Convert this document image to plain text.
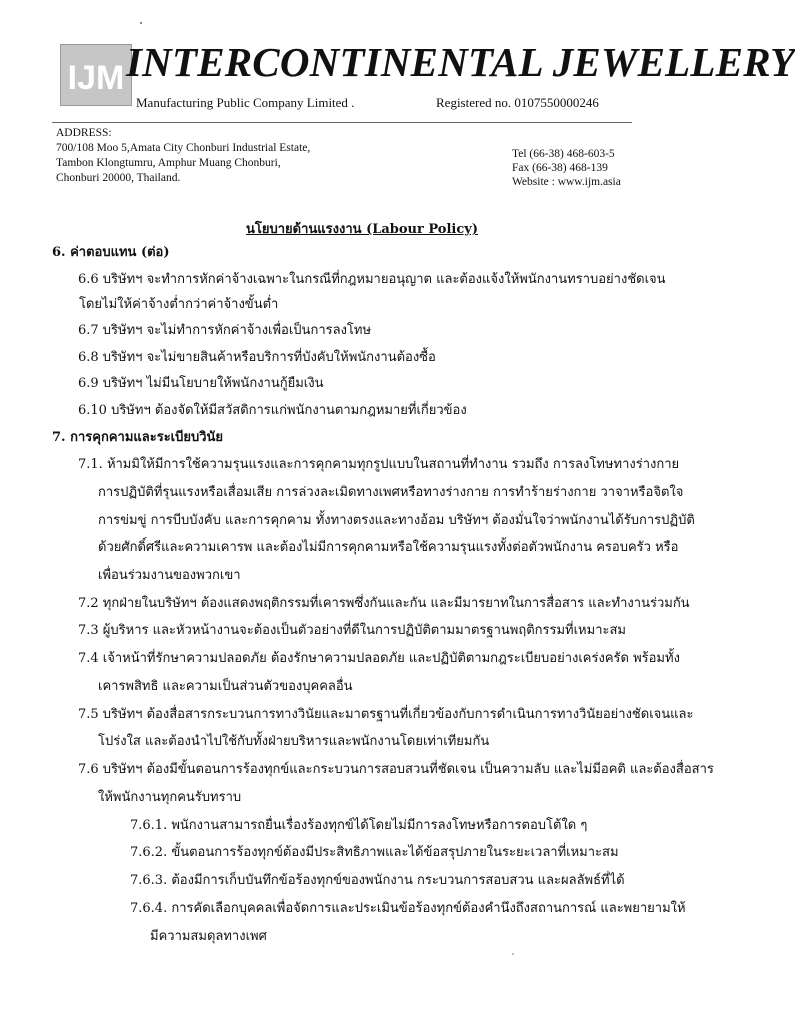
IJM INTERCONTINENTAL JEWELLERY
Manufacturing Public Company Limited .	Registered no. 0107550000246
ADDRESS:
700/108 Moo 5,Amata City Chonburi Industrial Estate,
Tambon Klongtumru, Amphur Muang Chonburi,
Chonburi 20000, Thailand.
Tel (66-38) 468-603-5
Fax (66-38) 468-139
Website : www.ijm.asia
นโยบายด้านแรงงาน (Labour Policy)
6. ค่าตอบแทน (ต่อ)
6.6 บริษัทฯ จะทำการหักค่าจ้างเฉพาะในกรณีที่กฎหมายอนุญาต และต้องแจ้งให้พนักงานทราบอย่างชัดเจน
โดยไม่ให้ค่าจ้างต่ำกว่าค่าจ้างขั้นต่ำ
6.7 บริษัทฯ จะไม่ทำการหักค่าจ้างเพื่อเป็นการลงโทษ
6.8 บริษัทฯ จะไม่ขายสินค้าหรือบริการที่บังคับให้พนักงานต้องซื้อ
6.9 บริษัทฯ ไม่มีนโยบายให้พนักงานกู้ยืมเงิน
6.10 บริษัทฯ ต้องจัดให้มีสวัสดิการแก่พนักงานตามกฎหมายที่เกี่ยวข้อง
7. การคุกคามและระเบียบวินัย
7.1. ห้ามมิให้มีการใช้ความรุนแรงและการคุกคามทุกรูปแบบในสถานที่ทำงาน รวมถึง การลงโทษทางร่างกาย
การปฏิบัติที่รุนแรงหรือเสื่อมเสีย การล่วงละเมิดทางเพศหรือทางร่างกาย การทำร้ายร่างกาย วาจาหรือจิตใจ
การข่มขู่ การบีบบังคับ และการคุกคาม ทั้งทางตรงและทางอ้อม บริษัทฯ ต้องมั่นใจว่าพนักงานได้รับการปฏิบัติ
ด้วยศักดิ์ศรีและความเคารพ และต้องไม่มีการคุกคามหรือใช้ความรุนแรงทั้งต่อตัวพนักงาน ครอบครัว หรือ
เพื่อนร่วมงานของพวกเขา
7.2 ทุกฝ่ายในบริษัทฯ ต้องแสดงพฤติกรรมที่เคารพซึ่งกันและกัน และมีมารยาทในการสื่อสาร และทำงานร่วมกัน
7.3 ผู้บริหาร และหัวหน้างานจะต้องเป็นตัวอย่างที่ดีในการปฏิบัติตามมาตรฐานพฤติกรรมที่เหมาะสม
7.4 เจ้าหน้าที่รักษาความปลอดภัย ต้องรักษาความปลอดภัย และปฏิบัติตามกฎระเบียบอย่างเคร่งครัด พร้อมทั้ง
เคารพสิทธิ และความเป็นส่วนตัวของบุคคลอื่น
7.5 บริษัทฯ ต้องสื่อสารกระบวนการทางวินัยและมาตรฐานที่เกี่ยวข้องกับการดำเนินการทางวินัยอย่างชัดเจนและ
โปร่งใส และต้องนำไปใช้กับทั้งฝ่ายบริหารและพนักงานโดยเท่าเทียมกัน
7.6 บริษัทฯ ต้องมีขั้นตอนการร้องทุกข์และกระบวนการสอบสวนที่ชัดเจน เป็นความลับ และไม่มีอคติ และต้องสื่อสาร
ให้พนักงานทุกคนรับทราบ
7.6.1. พนักงานสามารถยื่นเรื่องร้องทุกข์ได้โดยไม่มีการลงโทษหรือการตอบโต้ใด ๆ
7.6.2. ขั้นตอนการร้องทุกข์ต้องมีประสิทธิภาพและได้ข้อสรุปภายในระยะเวลาที่เหมาะสม
7.6.3. ต้องมีการเก็บบันทึกข้อร้องทุกข์ของพนักงาน กระบวนการสอบสวน และผลลัพธ์ที่ได้
7.6.4. การคัดเลือกบุคคลเพื่อจัดการและประเมินข้อร้องทุกข์ต้องคำนึงถึงสถานการณ์ และพยายามให้
มีความสมดุลทางเพศ
